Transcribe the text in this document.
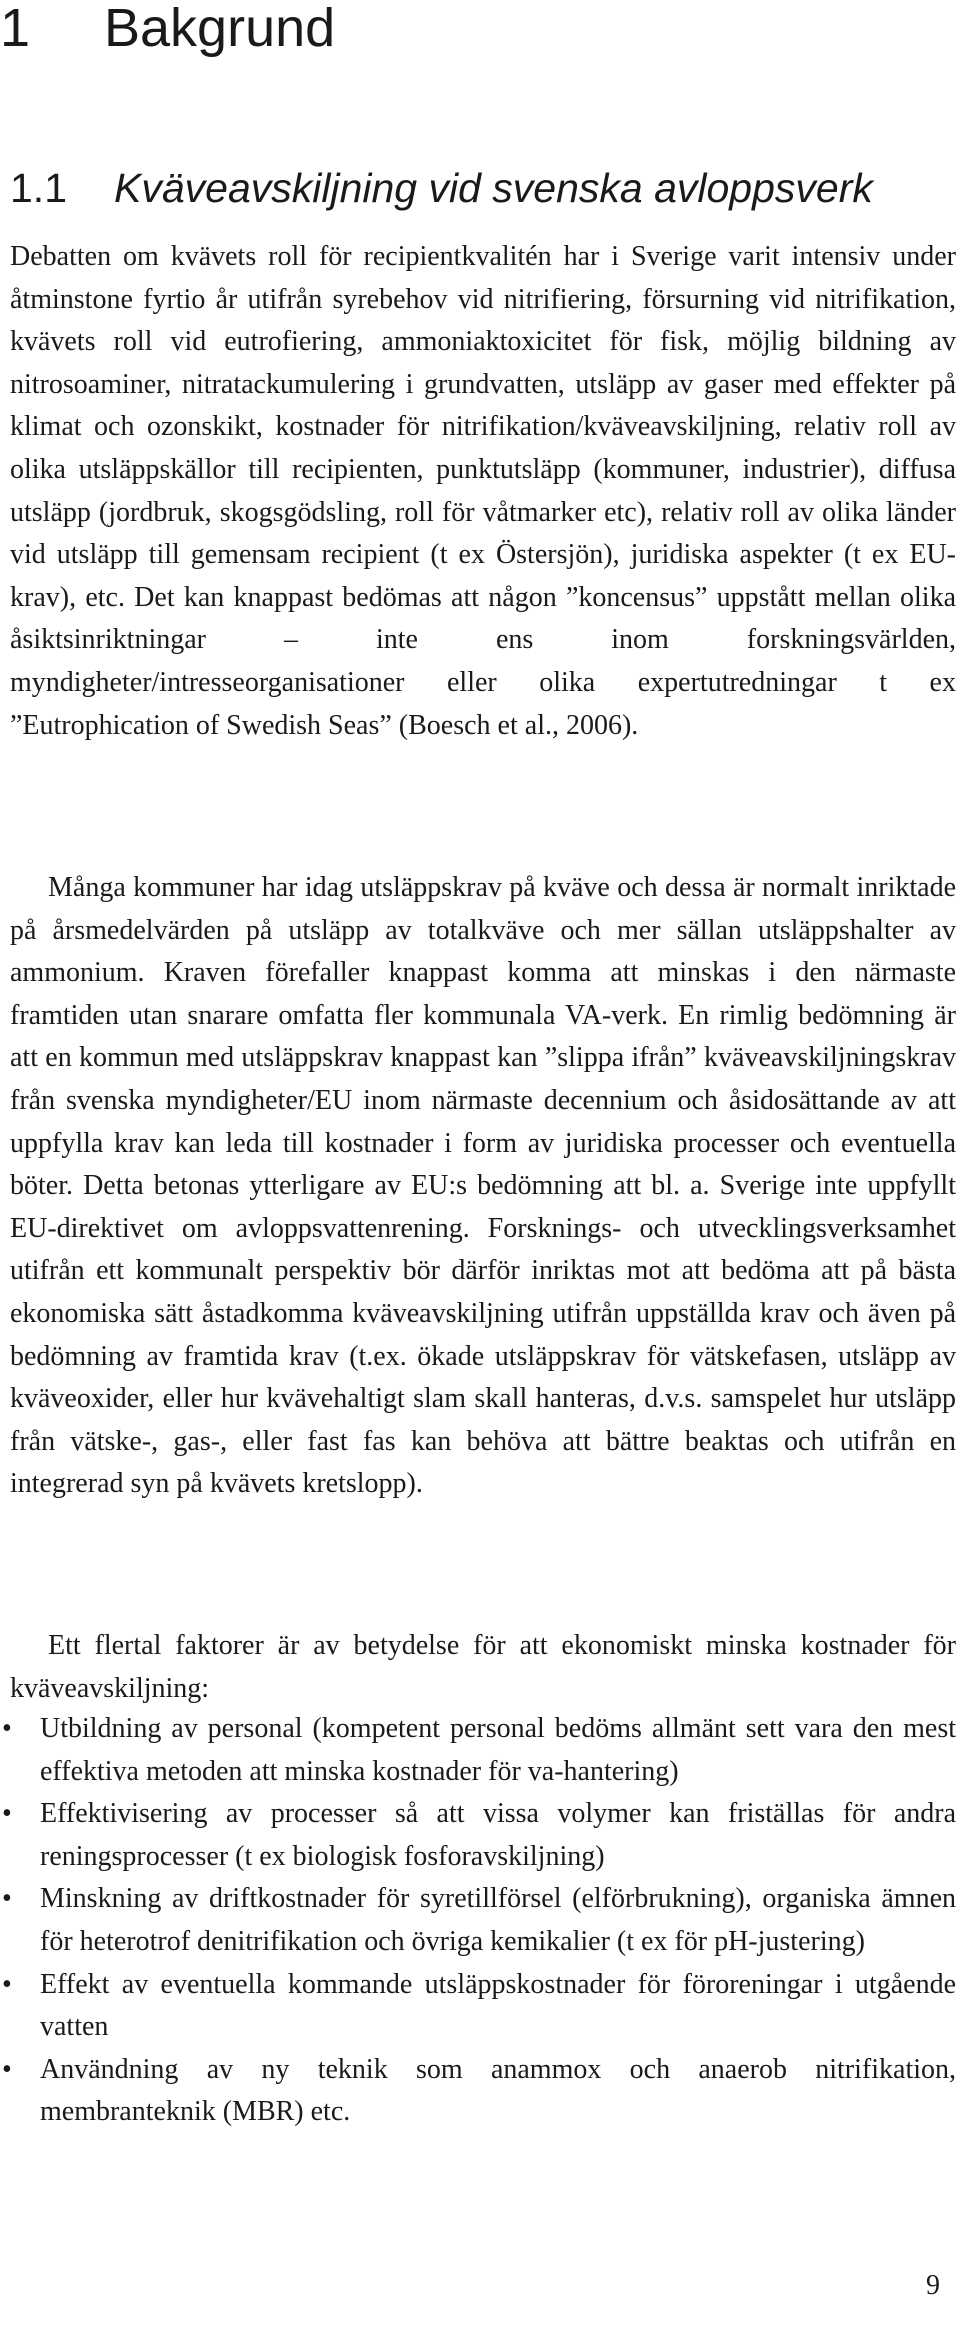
1 Bakgrund
1.1 Kväveavskiljning vid svenska avloppsverk

Debatten om kvävets roll för recipientkvalitén har i Sverige varit intensiv under åtminstone fyrtio år utifrån syrebehov vid nitrifiering, försurning vid nitrifikation, kvävets roll vid eutrofiering, ammoniaktoxicitet för fisk, möjlig bildning av nitrosoaminer, nitratackumulering i grundvatten, utsläpp av gaser med effekter på klimat och ozonskikt, kostnader för nitrifikation/kväveavskiljning, relativ roll av olika utsläppskällor till recipienten, punktutsläpp (kommuner, industrier), diffusa utsläpp (jordbruk, skogsgödsling, roll för våtmarker etc), relativ roll av olika länder vid utsläpp till gemensam recipient (t ex Östersjön), juridiska aspekter (t ex EU-krav), etc. Det kan knappast bedömas att någon ”koncensus” uppstått mellan olika åsiktsinriktningar – inte ens inom forskningsvärlden, myndigheter/intresseorganisationer eller olika expertutredningar t ex ”Eutrophication of Swedish Seas” (Boesch et al., 2006).

Många kommuner har idag utsläppskrav på kväve och dessa är normalt inriktade på årsmedelvärden på utsläpp av totalkväve och mer sällan utsläppshalter av ammonium. Kraven förefaller knappast komma att minskas i den närmaste framtiden utan snarare omfatta fler kommunala VA-verk. En rimlig bedömning är att en kommun med utsläppskrav knappast kan ”slippa ifrån” kväveavskiljningskrav från svenska myndigheter/EU inom närmaste decennium och åsidosättande av att uppfylla krav kan leda till kostnader i form av juridiska processer och eventuella böter. Detta betonas ytterligare av EU:s bedömning att bl. a. Sverige inte uppfyllt EU-direktivet om avloppsvattenrening. Forsknings- och utvecklingsverksamhet utifrån ett kommunalt perspektiv bör därför inriktas mot att bedöma att på bästa ekonomiska sätt åstadkomma kväveavskiljning utifrån uppställda krav och även på bedömning av framtida krav (t.ex. ökade utsläppskrav för vätskefasen, utsläpp av kväveoxider, eller hur kvävehaltigt slam skall hanteras, d.v.s. samspelet hur utsläpp från vätske-, gas-, eller fast fas kan behöva att bättre beaktas och utifrån en integrerad syn på kvävets kretslopp).

Ett flertal faktorer är av betydelse för att ekonomiskt minska kostnader för kväveavskiljning:

•	Utbildning av personal (kompetent personal bedöms allmänt sett vara den mest effektiva metoden att minska kostnader för va-hantering)
•	Effektivisering av processer så att vissa volymer kan friställas för andra reningsprocesser (t ex biologisk fosforavskiljning)
•	Minskning av driftkostnader för syretillförsel (elförbrukning), organiska ämnen för heterotrof denitrifikation och övriga kemikalier (t ex för pH-justering)
•	Effekt av eventuella kommande utsläppskostnader för föroreningar i utgående vatten
•	Användning av ny teknik som anammox och anaerob nitrifikation, membranteknik (MBR) etc.
9
